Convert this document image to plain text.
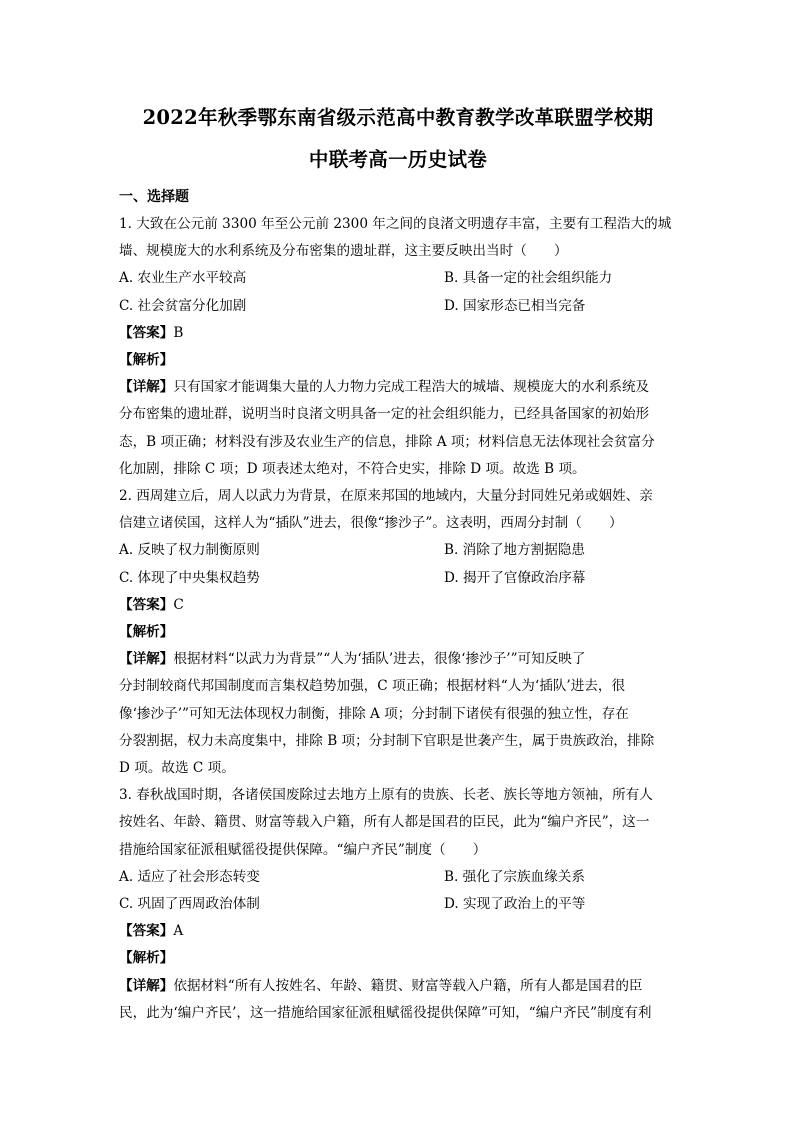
2022年秋季鄂东南省级示范高中教育教学改革联盟学校期
中联考高一历史试卷
一、选择题

1. 大致在公元前 3300 年至公元前 2300 年之间的良渚文明遗存丰富，主要有工程浩大的城

墙、规模庞大的水利系统及分布密集的遗址群，这主要反映出当时（　　）

A. 农业生产水平较高	B. 具备一定的社会组织能力
C. 社会贫富分化加剧	D. 国家形态已相当完备

【答案】B

【解析】

【详解】只有国家才能调集大量的人力物力完成工程浩大的城墙、规模庞大的水利系统及

分布密集的遗址群，说明当时良渚文明具备一定的社会组织能力，已经具备国家的初始形

态，B 项正确；材料没有涉及农业生产的信息，排除 A 项；材料信息无法体现社会贫富分

化加剧，排除 C 项；D 项表述太绝对，不符合史实，排除 D 项。故选 B 项。

2. 西周建立后，周人以武力为背景，在原来邦国的地域内，大量分封同姓兄弟或姻姓、亲

信建立诸侯国，这样人为“插队”进去，很像“掺沙子”。这表明，西周分封制（　　）

A. 反映了权力制衡原则	B. 消除了地方割据隐患
C. 体现了中央集权趋势	D. 揭开了官僚政治序幕

【答案】C

【解析】

【详解】根据材料“以武力为背景”“人为‘插队’进去，很像‘掺沙子’”可知反映了

分封制较商代邦国制度而言集权趋势加强，C 项正确；根据材料“人为‘插队’进去，很

像‘掺沙子’”可知无法体现权力制衡，排除 A 项；分封制下诸侯有很强的独立性，存在

分裂割据，权力未高度集中，排除 B 项；分封制下官职是世袭产生，属于贵族政治，排除

D 项。故选 C 项。

3. 春秋战国时期，各诸侯国废除过去地方上原有的贵族、长老、族长等地方领袖，所有人

按姓名、年龄、籍贯、财富等载入户籍，所有人都是国君的臣民，此为“编户齐民”，这一

措施给国家征派租赋徭役提供保障。“编户齐民”制度（　　）

A. 适应了社会形态转变	B. 强化了宗族血缘关系
C. 巩固了西周政治体制	D. 实现了政治上的平等

【答案】A

【解析】

【详解】依据材料“所有人按姓名、年龄、籍贯、财富等载入户籍，所有人都是国君的臣

民，此为‘编户齐民’，这一措施给国家征派租赋徭役提供保障”可知，“编户齐民”制度有利
